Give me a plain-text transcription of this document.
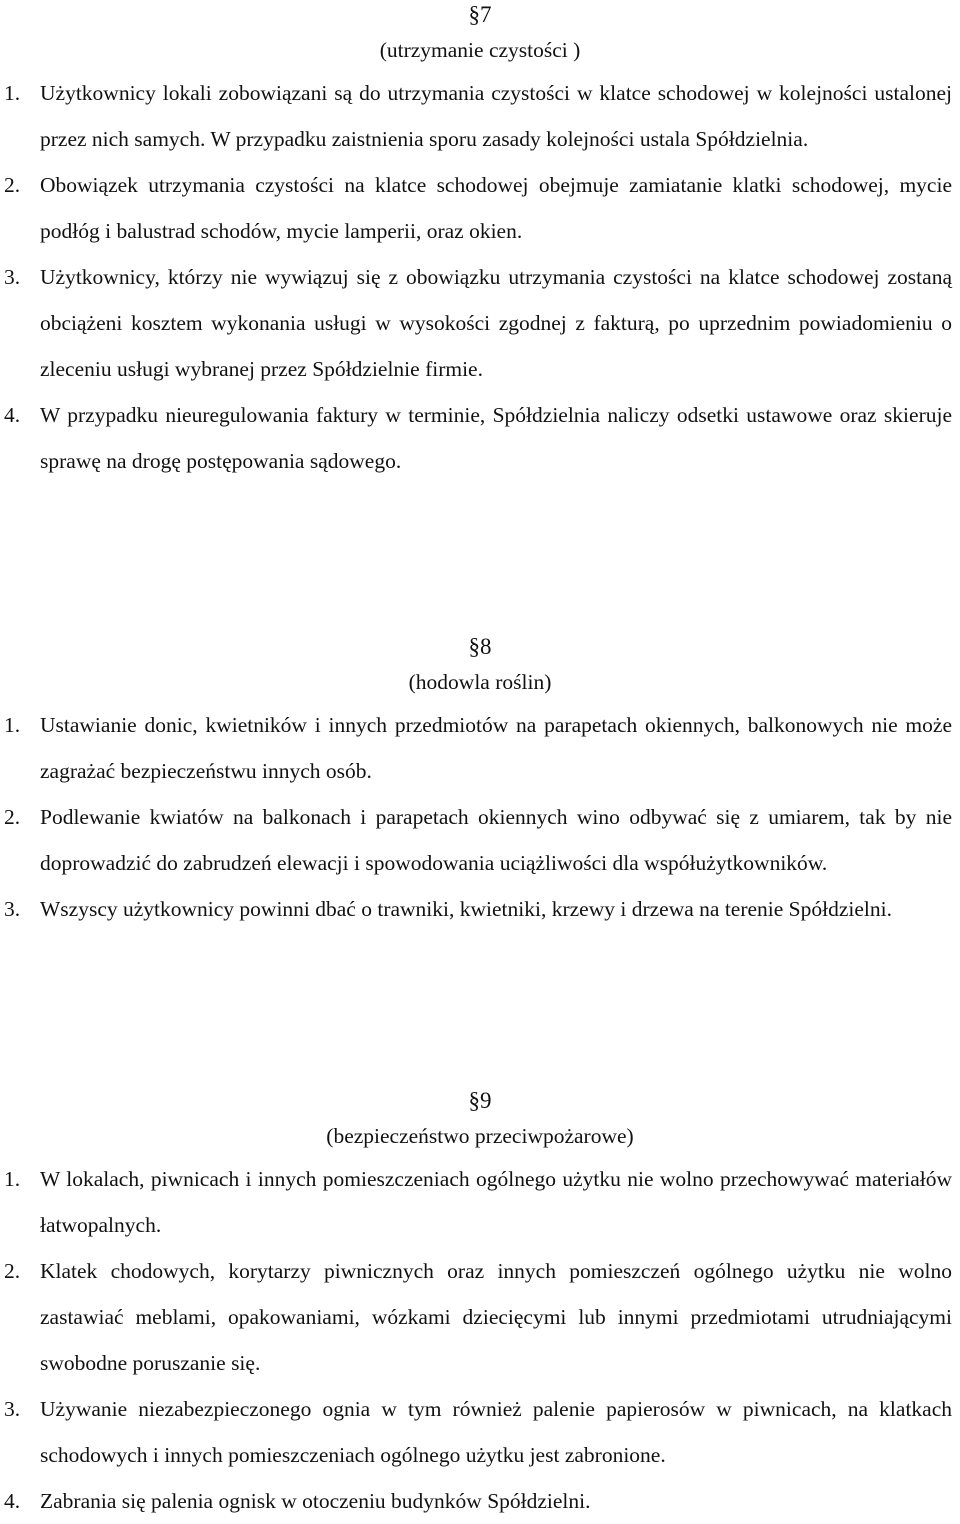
§7
(utrzymanie czystości )
1. Użytkownicy lokali zobowiązani są do utrzymania czystości w klatce schodowej w kolejności ustalonej przez nich samych. W przypadku zaistnienia sporu zasady kolejności ustala Spółdzielnia.
2. Obowiązek utrzymania czystości na klatce schodowej obejmuje zamiatanie klatki schodowej, mycie podłóg i balustrad schodów, mycie lamperii, oraz okien.
3. Użytkownicy, którzy nie wywiązuj się z obowiązku utrzymania czystości na klatce schodowej zostaną obciążeni kosztem wykonania usługi w wysokości zgodnej z fakturą, po uprzednim powiadomieniu o zleceniu usługi wybranej przez Spółdzielnie firmie.
4. W przypadku nieuregulowania faktury w terminie, Spółdzielnia naliczy odsetki ustawowe oraz skieruje sprawę na drogę postępowania sądowego.
§8
(hodowla roślin)
1. Ustawianie donic, kwietników i innych przedmiotów na parapetach okiennych, balkonowych nie może zagrażać bezpieczeństwu innych osób.
2. Podlewanie kwiatów na balkonach i parapetach okiennych wino odbywać się z umiarem, tak by nie doprowadzić do zabrudzeń elewacji i spowodowania uciążliwości dla współużytkowników.
3. Wszyscy użytkownicy powinni dbać o trawniki, kwietniki, krzewy i drzewa na terenie Spółdzielni.
§9
(bezpieczeństwo przeciwpożarowe)
1. W lokalach, piwnicach i innych pomieszczeniach ogólnego użytku nie wolno przechowywać materiałów łatwopalnych.
2. Klatek chodowych, korytarzy piwnicznych oraz innych pomieszczeń ogólnego użytku nie wolno zastawiać meblami, opakowaniami, wózkami dziecięcymi lub innymi przedmiotami utrudniającymi swobodne poruszanie się.
3. Używanie niezabezpieczonego ognia w tym również palenie papierosów w piwnicach, na klatkach schodowych i innych pomieszczeniach ogólnego użytku jest zabronione.
4. Zabrania się palenia ognisk w otoczeniu budynków Spółdzielni.
